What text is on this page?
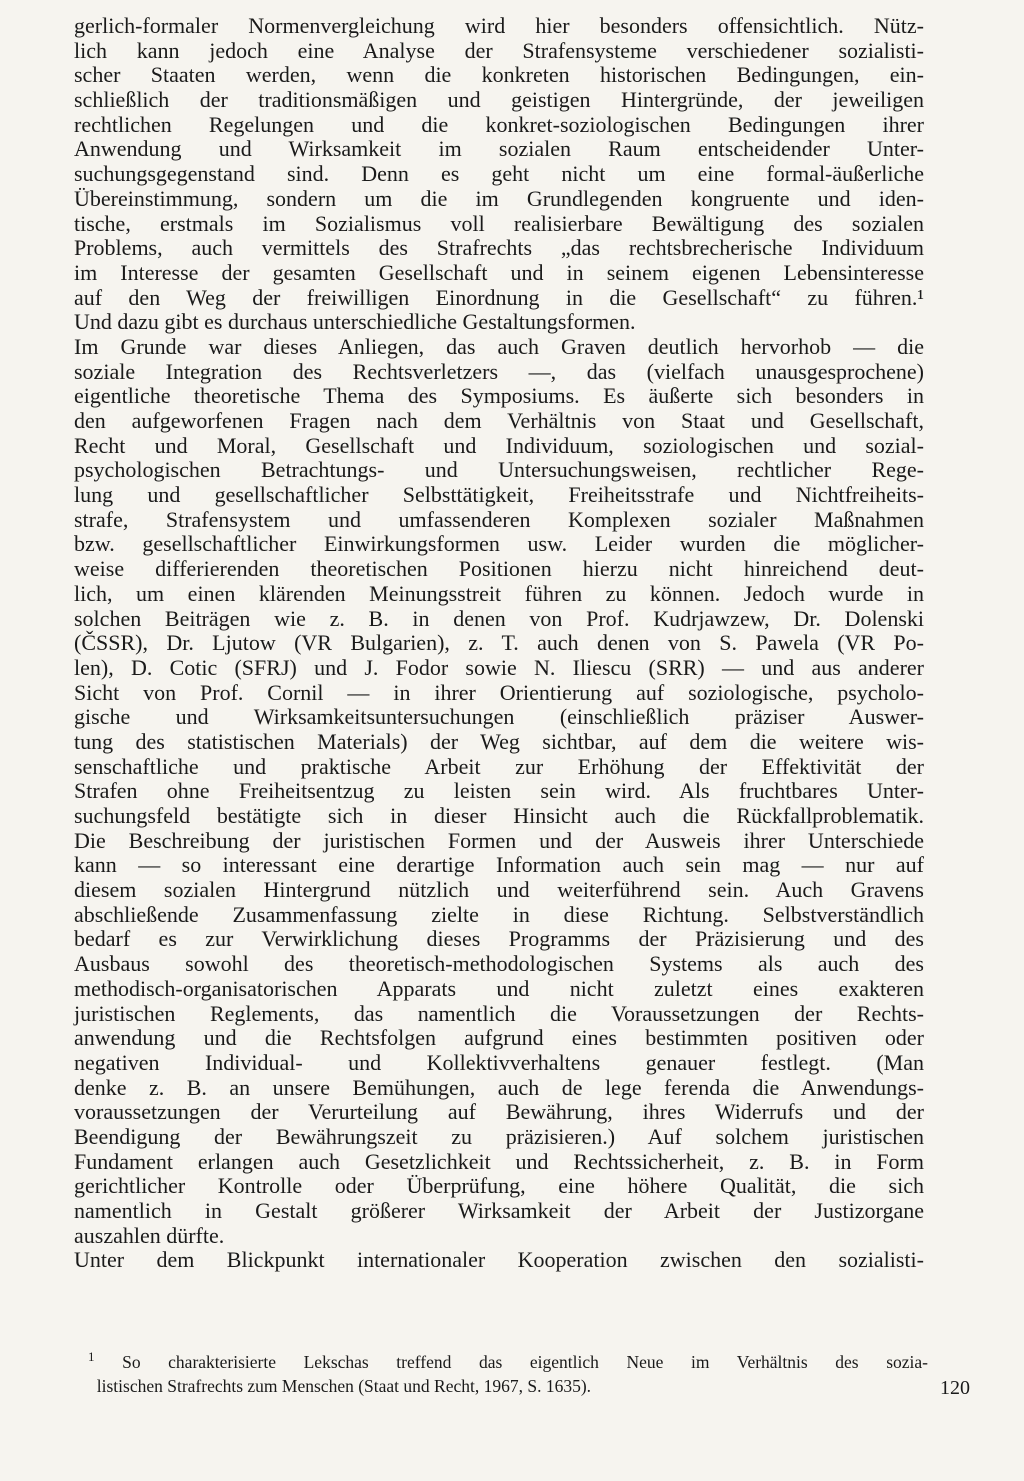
gerlich-formaler Normenvergleichung wird hier besonders offensichtlich. Nütz-
lich kann jedoch eine Analyse der Strafensysteme verschiedener sozialisti-
scher Staaten werden, wenn die konkreten historischen Bedingungen, ein-
schließlich der traditionsmäßigen und geistigen Hintergründe, der jeweiligen
rechtlichen Regelungen und die konkret-soziologischen Bedingungen ihrer
Anwendung und Wirksamkeit im sozialen Raum entscheidender Unter-
suchungsgegenstand sind. Denn es geht nicht um eine formal-äußerliche
Übereinstimmung, sondern um die im Grundlegenden kongruente und iden-
tische, erstmals im Sozialismus voll realisierbare Bewältigung des sozialen
Problems, auch vermittels des Strafrechts „das rechtsbrecherische Individuum
im Interesse der gesamten Gesellschaft und in seinem eigenen Lebensinteresse
auf den Weg der freiwilligen Einordnung in die Gesellschaft“ zu führen.¹
Und dazu gibt es durchaus unterschiedliche Gestaltungsformen.
Im Grunde war dieses Anliegen, das auch Graven deutlich hervorhob — die
soziale Integration des Rechtsverletzers —, das (vielfach unausgesprochene)
eigentliche theoretische Thema des Symposiums. Es äußerte sich besonders in
den aufgeworfenen Fragen nach dem Verhältnis von Staat und Gesellschaft,
Recht und Moral, Gesellschaft und Individuum, soziologischen und sozial-
psychologischen Betrachtungs- und Untersuchungsweisen, rechtlicher Rege-
lung und gesellschaftlicher Selbsttätigkeit, Freiheitsstrafe und Nichtfreiheits-
strafe, Strafensystem und umfassenderen Komplexen sozialer Maßnahmen
bzw. gesellschaftlicher Einwirkungsformen usw. Leider wurden die möglicher-
weise differierenden theoretischen Positionen hierzu nicht hinreichend deut-
lich, um einen klärenden Meinungsstreit führen zu können. Jedoch wurde in
solchen Beiträgen wie z. B. in denen von Prof. Kudrjawzew, Dr. Dolenski
(ČSSR), Dr. Ljutow (VR Bulgarien), z. T. auch denen von S. Pawela (VR Po-
len), D. Cotic (SFRJ) und J. Fodor sowie N. Iliescu (SRR) — und aus anderer
Sicht von Prof. Cornil — in ihrer Orientierung auf soziologische, psycholo-
gische und Wirksamkeitsuntersuchungen (einschließlich präziser Auswer-
tung des statistischen Materials) der Weg sichtbar, auf dem die weitere wis-
senschaftliche und praktische Arbeit zur Erhöhung der Effektivität der
Strafen ohne Freiheitsentzug zu leisten sein wird. Als fruchtbares Unter-
suchungsfeld bestätigte sich in dieser Hinsicht auch die Rückfallproblematik.
Die Beschreibung der juristischen Formen und der Ausweis ihrer Unterschiede
kann — so interessant eine derartige Information auch sein mag — nur auf
diesem sozialen Hintergrund nützlich und weiterführend sein. Auch Gravens
abschließende Zusammenfassung zielte in diese Richtung. Selbstverständlich
bedarf es zur Verwirklichung dieses Programms der Präzisierung und des
Ausbaus sowohl des theoretisch-methodologischen Systems als auch des
methodisch-organisatorischen Apparats und nicht zuletzt eines exakteren
juristischen Reglements, das namentlich die Voraussetzungen der Rechts-
anwendung und die Rechtsfolgen aufgrund eines bestimmten positiven oder
negativen Individual- und Kollektivverhaltens genauer festlegt. (Man
denke z. B. an unsere Bemühungen, auch de lege ferenda die Anwendungs-
voraussetzungen der Verurteilung auf Bewährung, ihres Widerrufs und der
Beendigung der Bewährungszeit zu präzisieren.) Auf solchem juristischen
Fundament erlangen auch Gesetzlichkeit und Rechtssicherheit, z. B. in Form
gerichtlicher Kontrolle oder Überprüfung, eine höhere Qualität, die sich
namentlich in Gestalt größerer Wirksamkeit der Arbeit der Justizorgane
auszahlen dürfte.
Unter dem Blickpunkt internationaler Kooperation zwischen den sozialisti-
$^1$ So charakterisierte Lekschas treffend das eigentlich Neue im Verhältnis des sozia-
listischen Strafrechts zum Menschen (Staat und Recht, 1967, S. 1635).	120
